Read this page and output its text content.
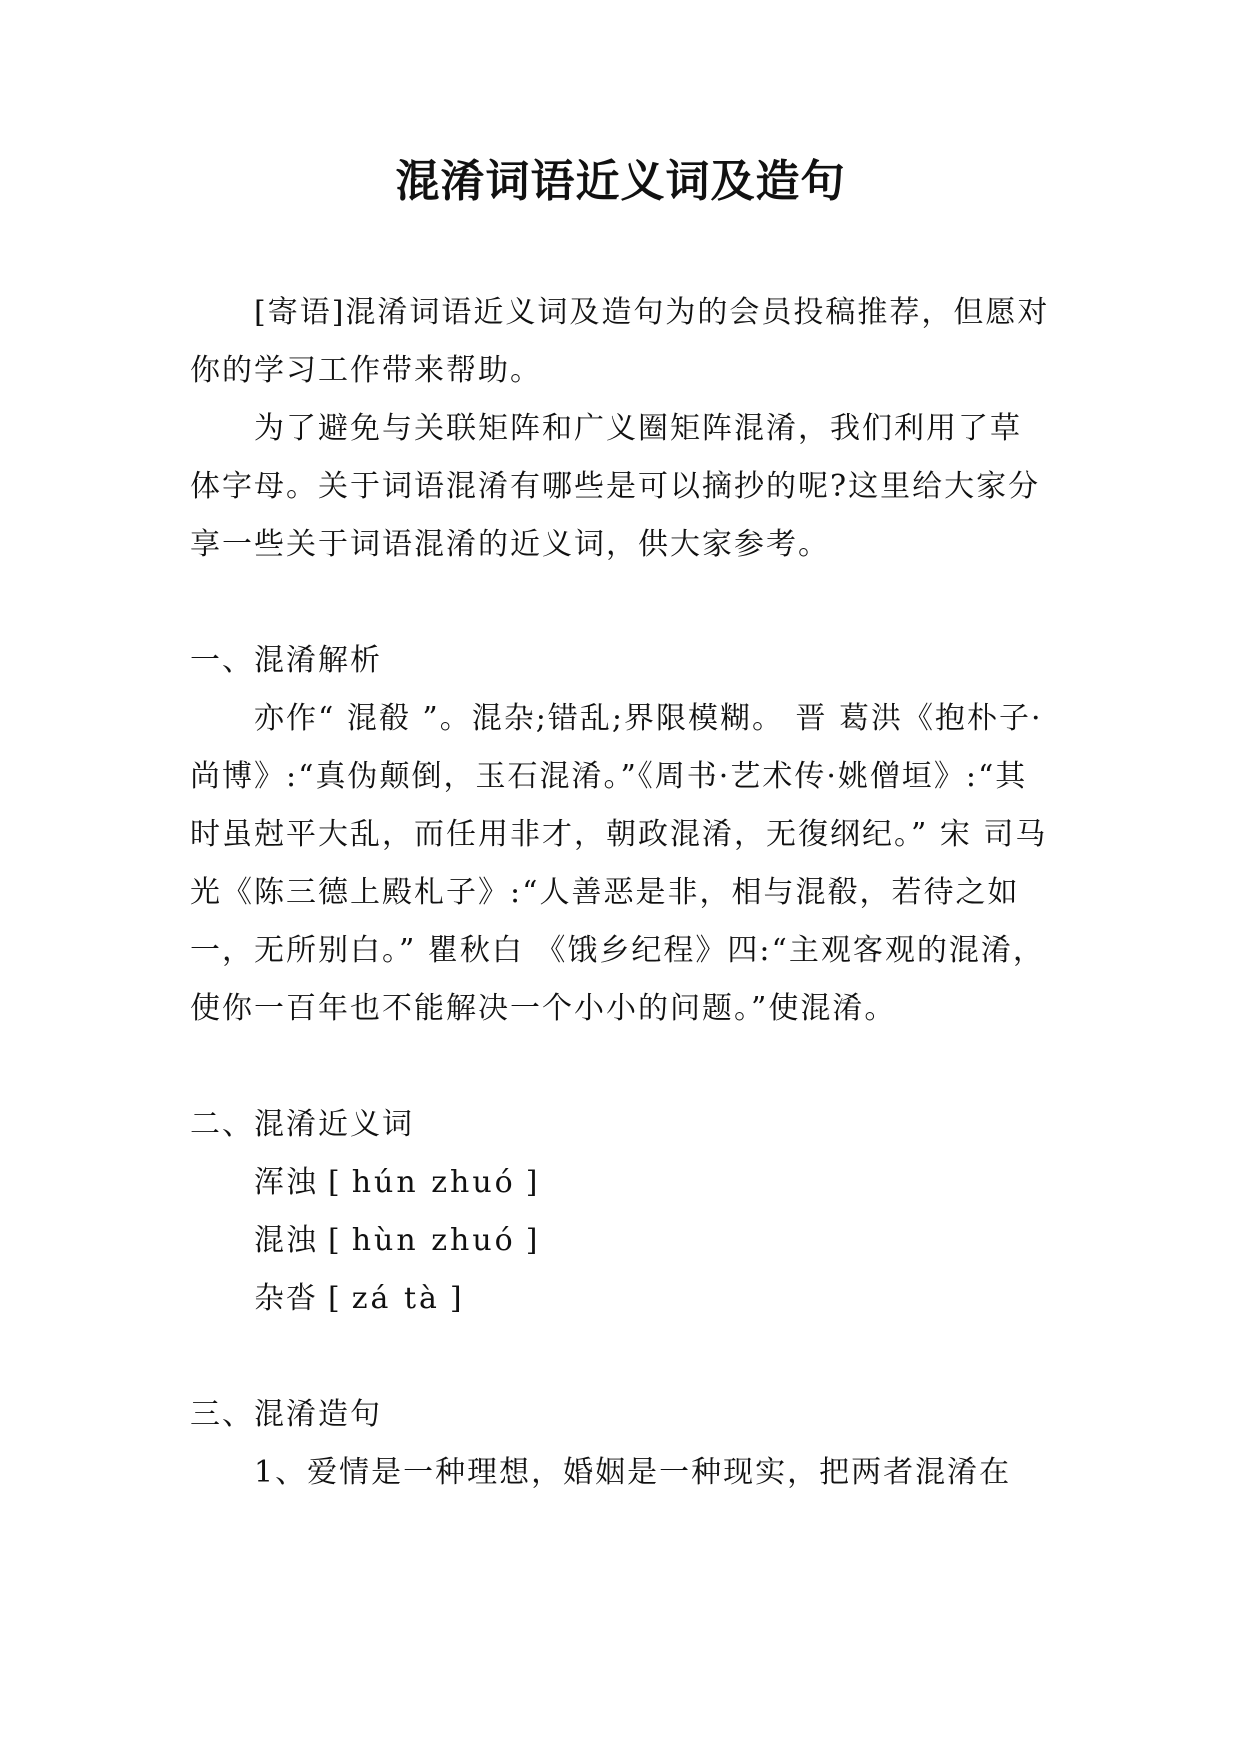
混淆词语近义词及造句

[寄语]混淆词语近义词及造句为的会员投稿推荐，但愿对你的学习工作带来帮助。

为了避免与关联矩阵和广义圈矩阵混淆，我们利用了草体字母。关于词语混淆有哪些是可以摘抄的呢?这里给大家分享一些关于词语混淆的近义词，供大家参考。

一、混淆解析

亦作“ 混殽 ”。混杂;错乱;界限模糊。 晋 葛洪《抱朴子·尚博》:“真伪颠倒，玉石混淆。”《周书·艺术传·姚僧垣》:“其时虽尅平大乱，而任用非才，朝政混淆，无復纲纪。” 宋 司马光《陈三德上殿札子》:“人善恶是非，相与混殽，若待之如一，无所别白。” 瞿秋白 《饿乡纪程》四:“主观客观的混淆，使你一百年也不能解决一个小小的问题。”使混淆。

二、混淆近义词

浑浊 [ hún zhuó ]
混浊 [ hùn zhuó ]
杂沓 [ zá tà ]

三、混淆造句

1、爱情是一种理想，婚姻是一种现实，把两者混淆在
